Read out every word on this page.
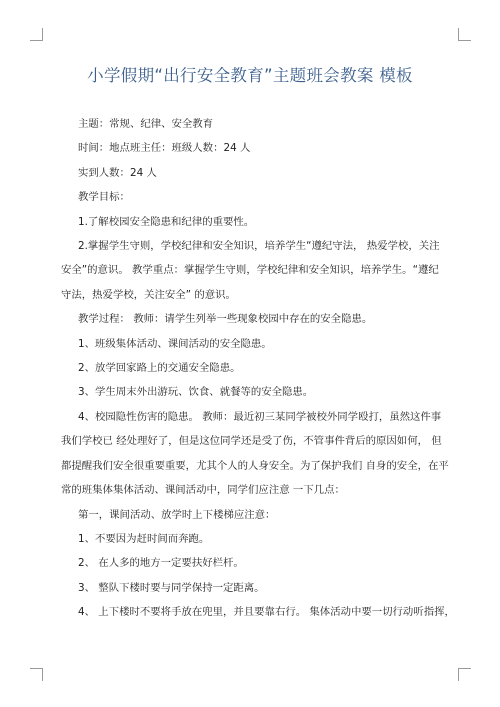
小学假期“出行安全教育”主题班会教案 模板

主题：常规、纪律、安全教育

时间：地点班主任：班级人数：24 人

实到人数：24 人

教学目标：

1.了解校园安全隐患和纪律的重要性。

2.掌握学生守则，学校纪律和安全知识，培养学生“遵纪守法， 热爱学校，关注

安全”的意识。 教学重点：掌握学生守则，学校纪律和安全知识，培养学生。“遵纪

守法，热爱学校，关注安全” 的意识。

教学过程： 教师：请学生列举一些现象校园中存在的安全隐患。

1、班级集体活动、课间活动的安全隐患。

2、放学回家路上的交通安全隐患。

3、学生周末外出游玩、饮食、就餐等的安全隐患。

4、校园隐性伤害的隐患。 教师：最近初三某同学被校外同学殴打，虽然这件事

我们学校已 经处理好了，但是这位同学还是受了伤，不管事件背后的原因如何， 但

都提醒我们安全很重要重要，尤其个人的人身安全。为了保护我们 自身的安全，在平

常的班集体集体活动、课间活动中，同学们应注意 一下几点：

第一，课间活动、放学时上下楼梯应注意：

1、不要因为赶时间而奔跑。

2、 在人多的地方一定要扶好栏杆。

3、 整队下楼时要与同学保持一定距离。

4、 上下楼时不要将手放在兜里，并且要靠右行。 集体活动中要一切行动听指挥，
